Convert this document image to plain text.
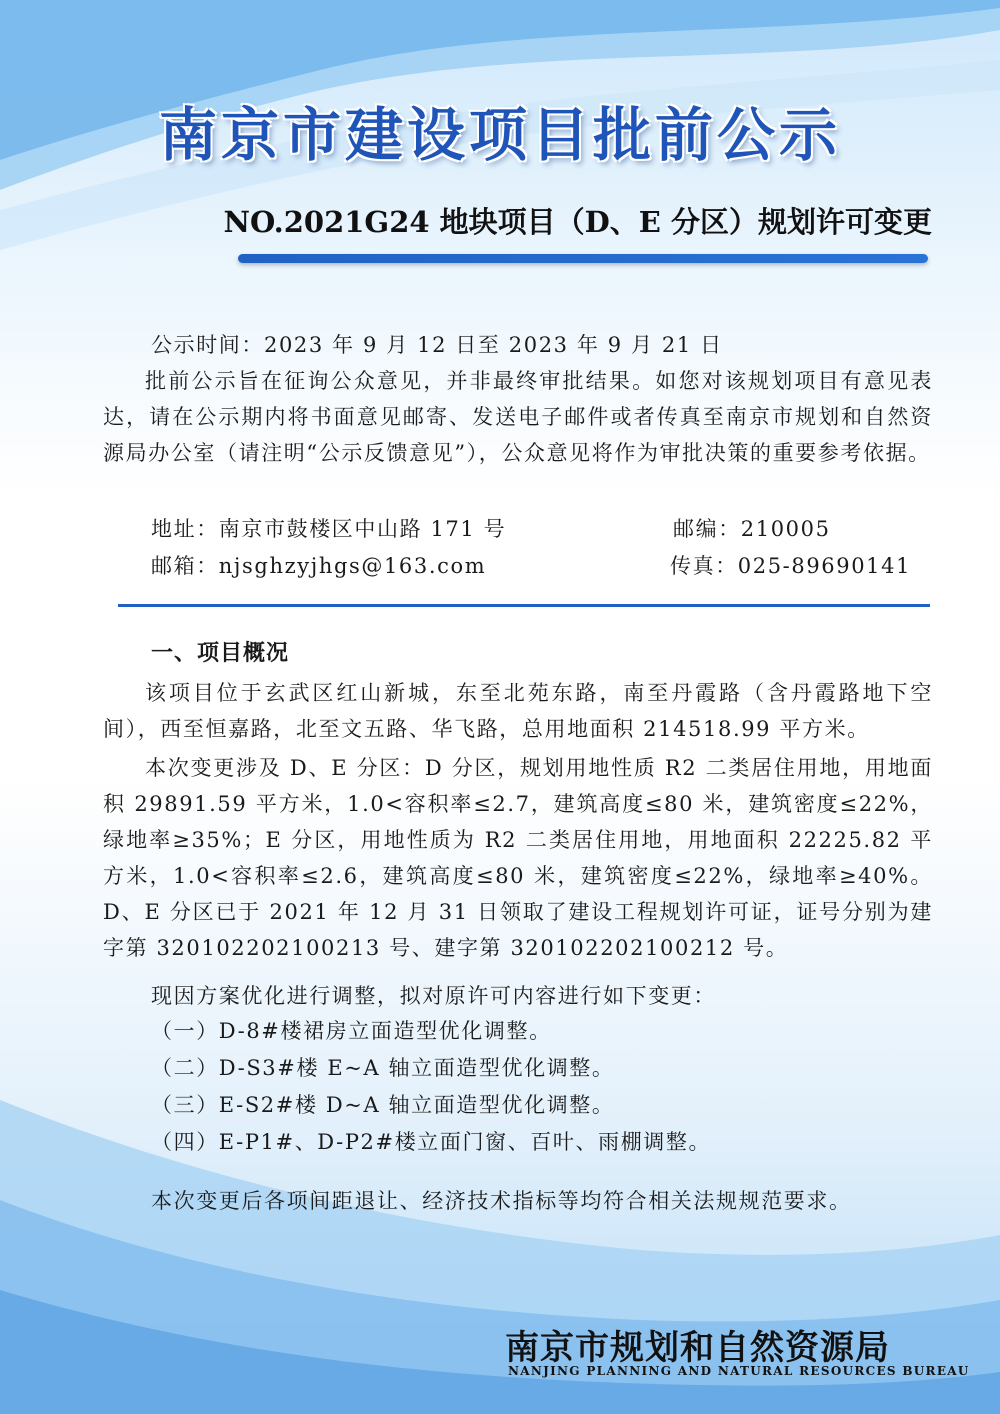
南京市建设项目批前公示
NO.2021G24 地块项目（D、E 分区）规划许可变更
公示时间：2023 年 9 月 12 日至 2023 年 9 月 21 日
批前公示旨在征询公众意见，并非最终审批结果。如您对该规划项目有意见表达，请在公示期内将书面意见邮寄、发送电子邮件或者传真至南京市规划和自然资源局办公室（请注明“公示反馈意见”），公众意见将作为审批决策的重要参考依据。
地址：南京市鼓楼区中山路 171 号	邮编：210005
邮箱：njsghzyjhgs@163.com	传真：025-89690141
一、项目概况
该项目位于玄武区红山新城，东至北苑东路，南至丹霞路（含丹霞路地下空间），西至恒嘉路，北至文五路、华飞路，总用地面积 214518.99 平方米。
本次变更涉及 D、E 分区：D 分区，规划用地性质 R2 二类居住用地，用地面积 29891.59 平方米，1.0<容积率≤2.7，建筑高度≤80 米，建筑密度≤22%，绿地率≥35%；E 分区，用地性质为 R2 二类居住用地，用地面积 22225.82 平方米，1.0<容积率≤2.6，建筑高度≤80 米，建筑密度≤22%，绿地率≥40%。D、E 分区已于 2021 年 12 月 31 日领取了建设工程规划许可证，证号分别为建字第 320102202100213 号、建字第 320102202100212 号。
现因方案优化进行调整，拟对原许可内容进行如下变更：
（一）D-8#楼裙房立面造型优化调整。
（二）D-S3#楼 E~A 轴立面造型优化调整。
（三）E-S2#楼 D~A 轴立面造型优化调整。
（四）E-P1#、D-P2#楼立面门窗、百叶、雨棚调整。
本次变更后各项间距退让、经济技术指标等均符合相关法规规范要求。
南京市规划和自然资源局
NANJING PLANNING AND NATURAL RESOURCES BUREAU
